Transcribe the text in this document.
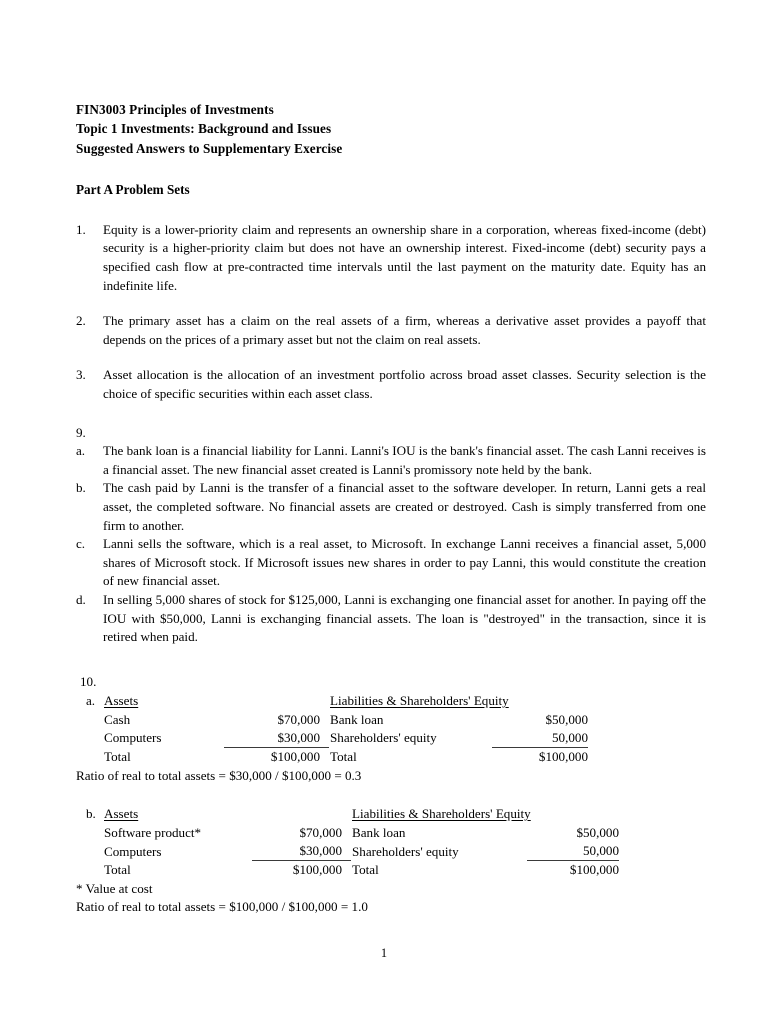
FIN3003 Principles of Investments
Topic 1 Investments: Background and Issues
Suggested Answers to Supplementary Exercise
Part A Problem Sets
1.	Equity is a lower-priority claim and represents an ownership share in a corporation, whereas fixed-income (debt) security is a higher-priority claim but does not have an ownership interest. Fixed-income (debt) security pays a specified cash flow at pre-contracted time intervals until the last payment on the maturity date. Equity has an indefinite life.
2.	The primary asset has a claim on the real assets of a firm, whereas a derivative asset provides a payoff that depends on the prices of a primary asset but not the claim on real assets.
3.	Asset allocation is the allocation of an investment portfolio across broad asset classes. Security selection is the choice of specific securities within each asset class.
9.
a.	The bank loan is a financial liability for Lanni. Lanni's IOU is the bank's financial asset. The cash Lanni receives is a financial asset. The new financial asset created is Lanni's promissory note held by the bank.
b.	The cash paid by Lanni is the transfer of a financial asset to the software developer. In return, Lanni gets a real asset, the completed software. No financial assets are created or destroyed. Cash is simply transferred from one firm to another.
c.	Lanni sells the software, which is a real asset, to Microsoft. In exchange Lanni receives a financial asset, 5,000 shares of Microsoft stock. If Microsoft issues new shares in order to pay Lanni, this would constitute the creation of new financial asset.
d.	In selling 5,000 shares of stock for $125,000, Lanni is exchanging one financial asset for another. In paying off the IOU with $50,000, Lanni is exchanging financial assets. The loan is "destroyed" in the transaction, since it is retired when paid.
10.
a. Assets		Liabilities & Shareholders' Equity	
Cash	$70,000	Bank loan	$50,000
Computers	$30,000	Shareholders' equity	50,000
Total	$100,000	Total	$100,000
Ratio of real to total assets = $30,000 / $100,000 = 0.3
b. Assets		Liabilities & Shareholders' Equity	
Software product*	$70,000	Bank loan	$50,000
Computers	$30,000	Shareholders' equity	50,000
Total	$100,000	Total	$100,000
* Value at cost
Ratio of real to total assets = $100,000 / $100,000 = 1.0
1
